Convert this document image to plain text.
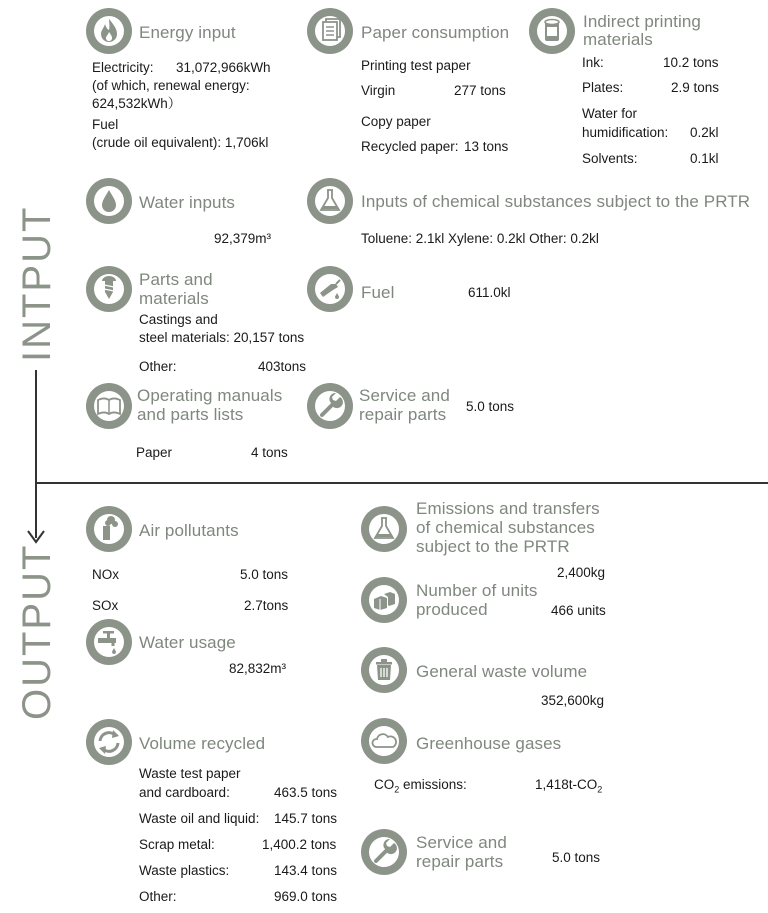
INTPUT
OUTPUT
Energy input
Electricity: 31,072,966kWh
(of which, renewal energy:
624,532kWh）
Fuel
(crude oil equivalent): 1,706kl
Paper consumption
Printing test paper
Virgin	277 tons
Copy paper
Recycled paper: 13 tons
Indirect printing
materials
Ink:	10.2 tons
Plates:	2.9 tons
Water for
humidification: 0.2kl
Solvents:	0.1kl
Water inputs
92,379m³
Inputs of chemical substances subject to the PRTR
Toluene: 2.1kl Xylene: 0.2kl Other: 0.2kl
Parts and
materials
Castings and
steel materials: 20,157 tons
Other:	403tons
Fuel	611.0kl
Operating manuals
and parts lists
Paper	4 tons
Service and
repair parts 5.0 tons
Air pollutants
NOx	5.0 tons
SOx	2.7tons
Water usage
82,832m³
Volume recycled
Waste test paper
and cardboard:	463.5 tons
Waste oil and liquid: 145.7 tons
Scrap metal:	1,400.2 tons
Waste plastics:	143.4 tons
Other:	969.0 tons
Emissions and transfers
of chemical substances
subject to the PRTR
2,400kg
Number of units
produced	466 units
General waste volume
352,600kg
Greenhouse gases
$CO_2$ emissions:	$1,418t-CO_2$
Service and
repair parts	5.0 tons
